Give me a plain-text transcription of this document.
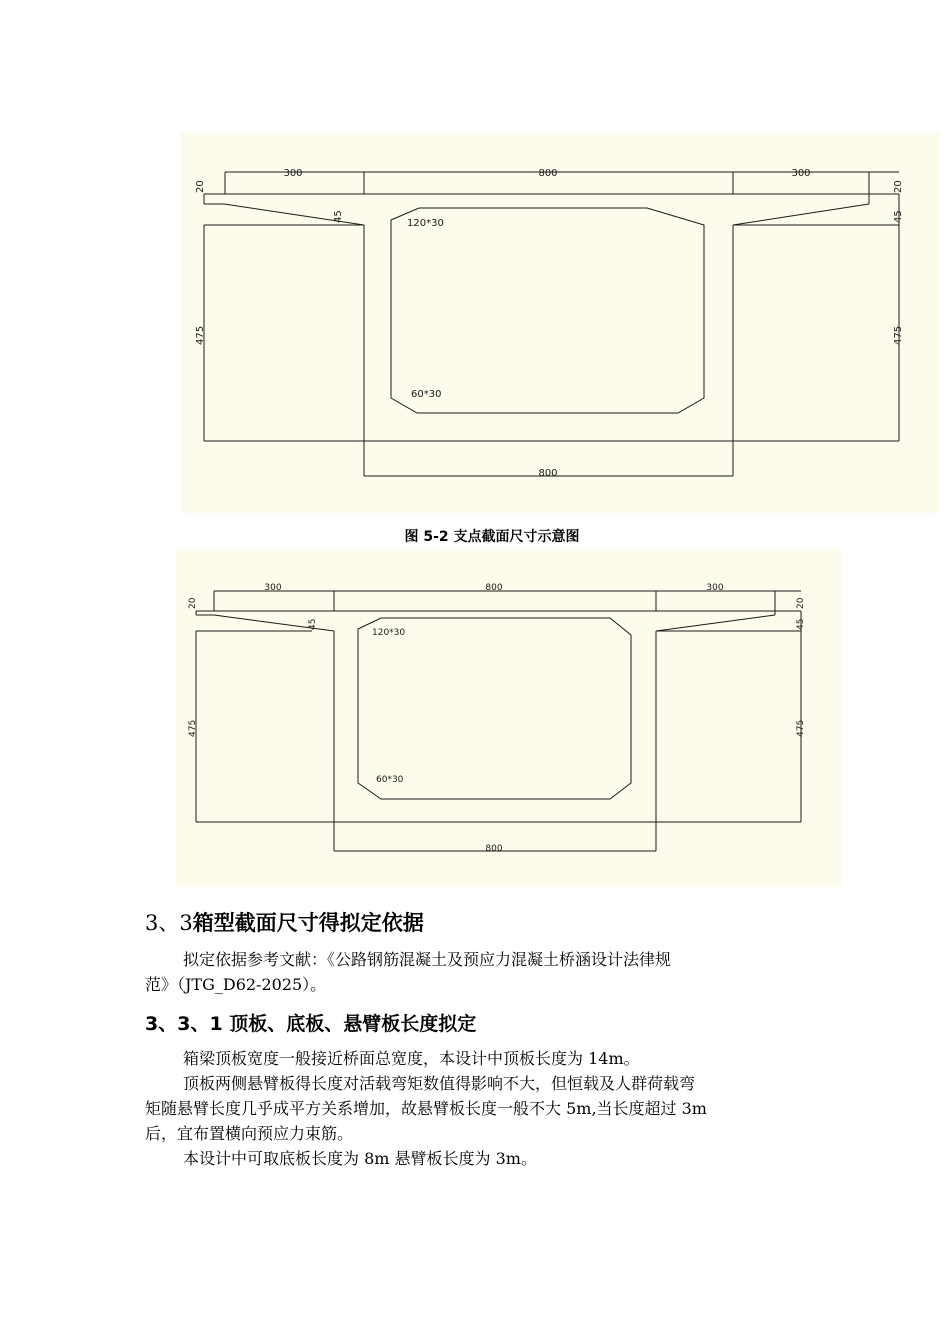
300	800	300
800
20	20
45	45
475	475
120*30
60*30
图 5-2 支点截面尺寸示意图
300	800	300
800
20	20
45	45
475	475
120*30
60*30
3、3箱型截面尺寸得拟定依据
拟定依据参考文献：《公路钢筋混凝土及预应力混凝土桥涵设计法律规
范》（JTG_D62-2025）。
3、3、1 顶板、底板、悬臂板长度拟定
箱梁顶板宽度一般接近桥面总宽度，本设计中顶板长度为 14m。
顶板两侧悬臂板得长度对活载弯矩数值得影响不大，但恒载及人群荷载弯
矩随悬臂长度几乎成平方关系增加，故悬臂板长度一般不大 5m,当长度超过 3m
后，宜布置横向预应力束筋。
本设计中可取底板长度为 8m 悬臂板长度为 3m。
